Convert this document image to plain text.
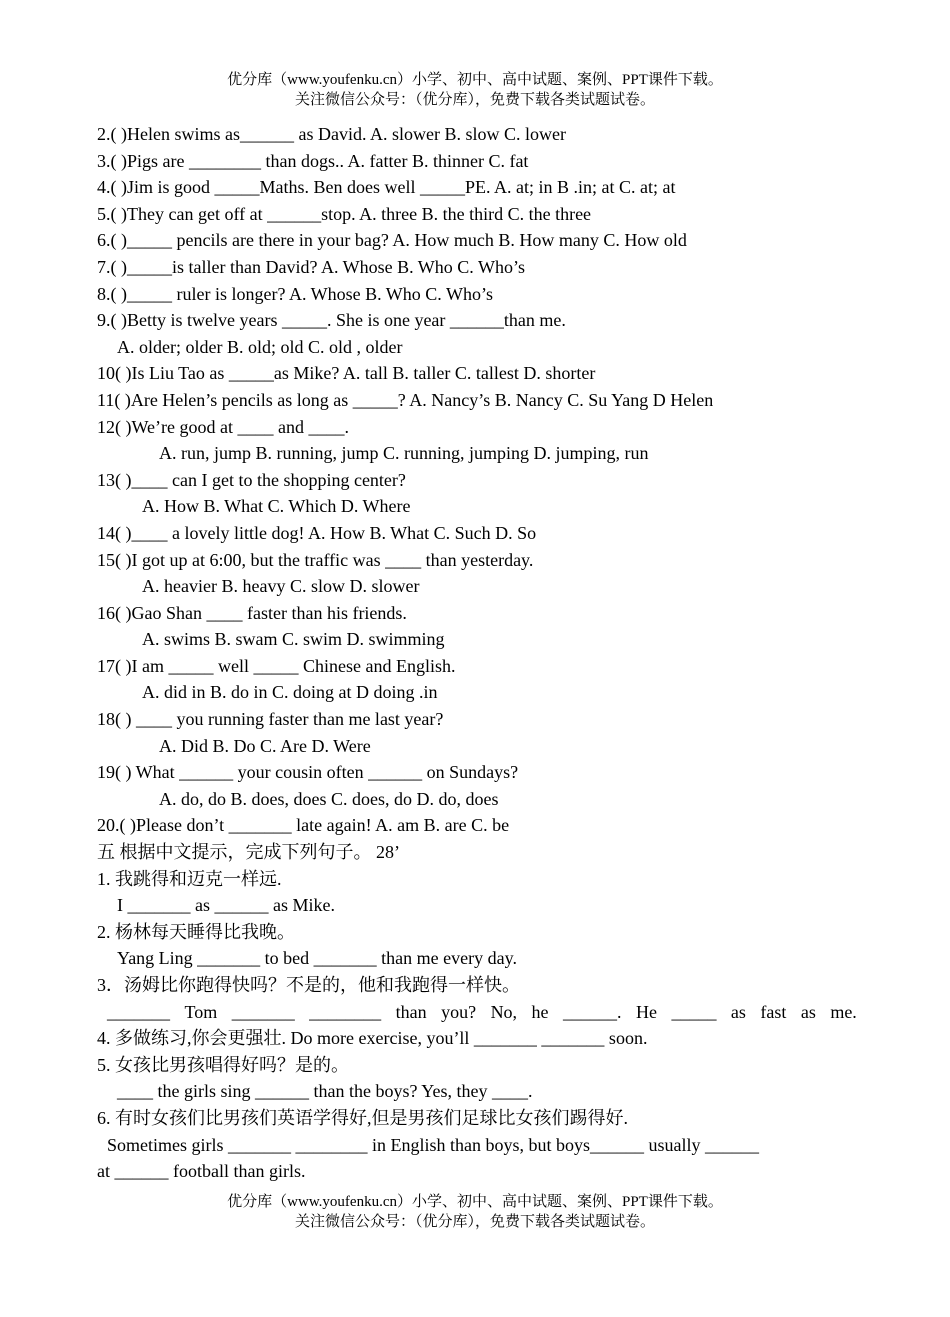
优分库（www.youfenku.cn）小学、初中、高中试题、案例、PPT课件下载。
关注微信公众号：（优分库），免费下载各类试题试卷。
2.( )Helen swims as______ as David. A. slower B. slow C. lower
3.( )Pigs are ________ than dogs.. A. fatter B. thinner C. fat
4.( )Jim is good _____Maths. Ben does well _____PE. A. at; in B .in; at C. at; at
5.( )They can get off at ______stop. A. three B. the third C. the three
6.( )_____ pencils are there in your bag? A. How much B. How many C. How old
7.( )_____is taller than David? A. Whose B. Who C. Who’s
8.( )_____ ruler is longer? A. Whose B. Who C. Who’s
9.( )Betty is twelve years _____. She is one year ______than me.
A. older; older B. old; old C. old , older
10( )Is Liu Tao as _____as Mike? A. tall B. taller C. tallest D. shorter
11( )Are Helen’s pencils as long as _____? A. Nancy’s B. Nancy C. Su Yang D Helen
12( )We’re good at ____ and ____.
A. run, jump B. running, jump C. running, jumping D. jumping, run
13( )____ can I get to the shopping center?
A. How B. What C. Which D. Where
14( )____ a lovely little dog! A. How B. What C. Such D. So
15( )I got up at 6:00, but the traffic was ____ than yesterday.
A. heavier B. heavy C. slow D. slower
16( )Gao Shan ____ faster than his friends.
A. swims B. swam C. swim D. swimming
17( )I am _____ well _____ Chinese and English.
A. did in B. do in C. doing at D doing .in
18( ) ____ you running faster than me last year?
A. Did B. Do C. Are D. Were
19( ) What ______ your cousin often ______ on Sundays?
A. do, do B. does, does C. does, do D. do, does
20.( )Please don’t _______ late again! A. am B. are C. be
五 根据中文提示，完成下列句子。 28’
1. 我跳得和迈克一样远.
I _______ as ______ as Mike.
2. 杨林每天睡得比我晚。
Yang Ling _______ to bed _______ than me every day.
3．汤姆比你跑得快吗？不是的，他和我跑得一样快。
_______ Tom _______ ________ than you? No, he ______. He _____ as fast as me.
4. 多做练习,你会更强壮. Do more exercise, you’ll _______ _______ soon.
5. 女孩比男孩唱得好吗？是的。
____ the girls sing ______ than the boys? Yes, they ____.
6. 有时女孩们比男孩们英语学得好,但是男孩们足球比女孩们踢得好.
Sometimes girls _______ ________ in English than boys, but boys______ usually ______
at ______ football than girls.
优分库（www.youfenku.cn）小学、初中、高中试题、案例、PPT课件下载。
关注微信公众号：（优分库），免费下载各类试题试卷。
